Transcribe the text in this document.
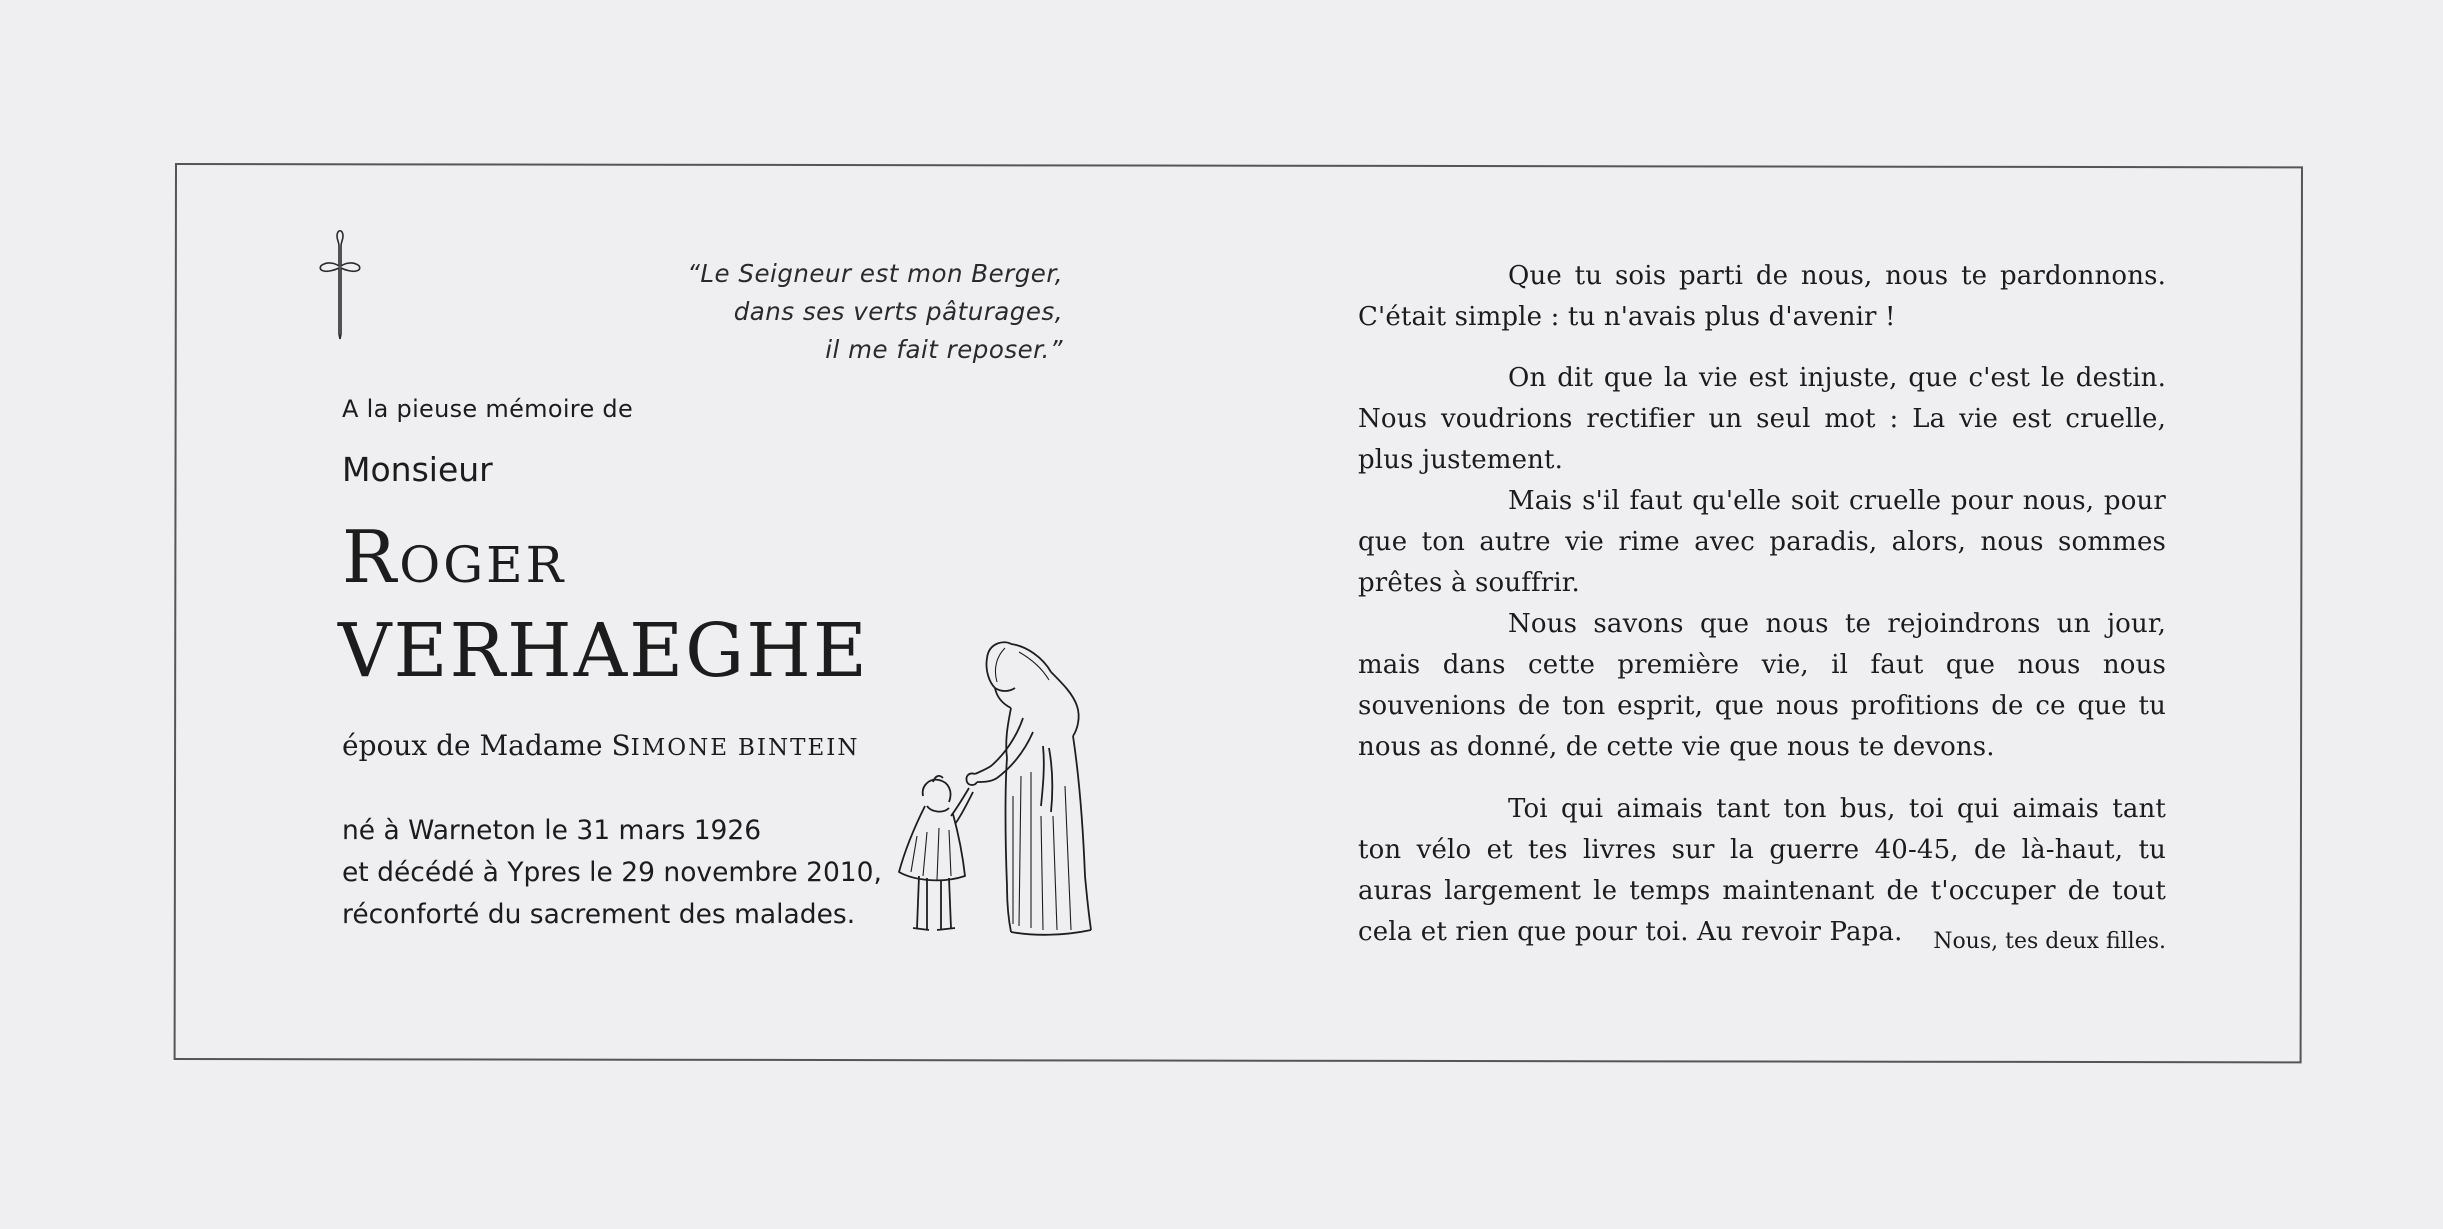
“Le Seigneur est mon Berger,
dans ses verts pâturages,
il me fait reposer.”
A la pieuse mémoire de
Monsieur
ROGER
VERHAEGHE
époux de Madame SIMONE BINTEIN
né à Warneton le 31 mars 1926
et décédé à Ypres le 29 novembre 2010,
réconforté du sacrement des malades.

Que tu sois parti de nous, nous te pardonnons. C'était simple : tu n'avais plus d'avenir !

On dit que la vie est injuste, que c'est le destin. Nous voudrions rectifier un seul mot : La vie est cruelle, plus justement.

Mais s'il faut qu'elle soit cruelle pour nous, pour que ton autre vie rime avec paradis, alors, nous sommes prêtes à souffrir.

Nous savons que nous te rejoindrons un jour, mais dans cette première vie, il faut que nous nous souvenions de ton esprit, que nous profitions de ce que tu nous as donné, de cette vie que nous te devons.

Toi qui aimais tant ton bus, toi qui aimais tant ton vélo et tes livres sur la guerre 40-45, de là-haut, tu auras largement le temps maintenant de t'occuper de tout cela et rien que pour toi. Au revoir Papa.	Nous, tes deux filles.
